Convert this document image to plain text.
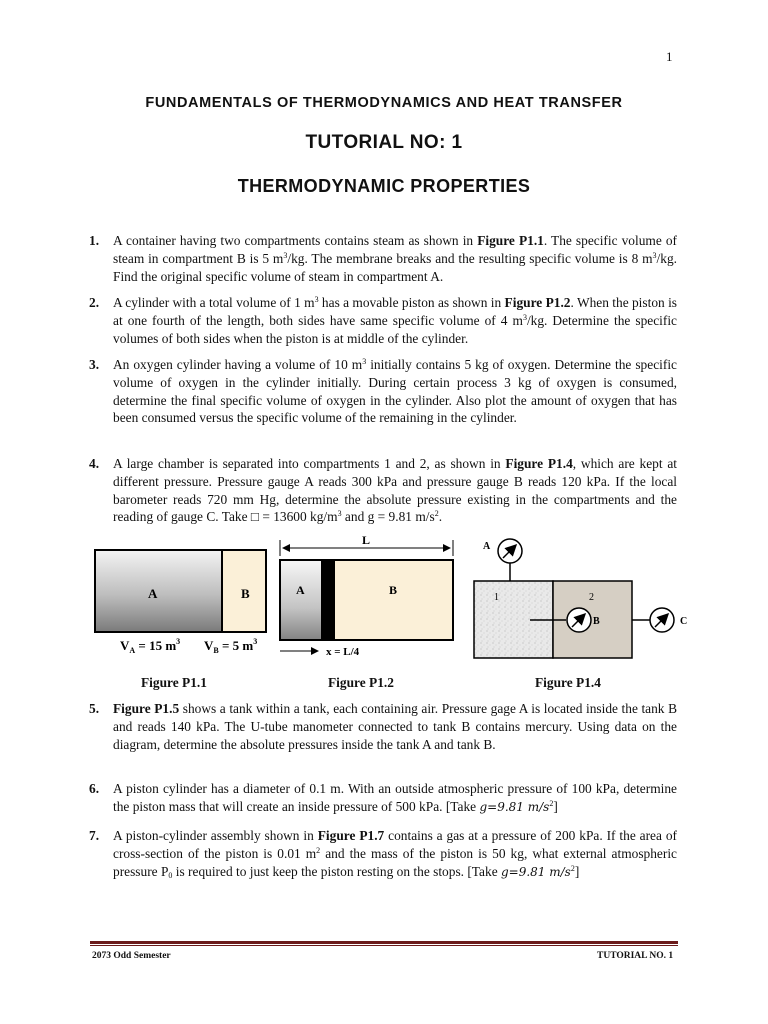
1
FUNDAMENTALS OF THERMODYNAMICS AND HEAT TRANSFER
TUTORIAL NO: 1
THERMODYNAMIC PROPERTIES
1. A container having two compartments contains steam as shown in Figure P1.1. The specific volume of steam in compartment B is 5 $m^3/kg$. The membrane breaks and the resulting specific volume is 8 $m^3/kg$. Find the original specific volume of steam in compartment A.
2. A cylinder with a total volume of 1 $m^3$ has a movable piston as shown in Figure P1.2. When the piston is at one fourth of the length, both sides have same specific volume of 4 $m^3/kg$. Determine the specific volumes of both sides when the piston is at middle of the cylinder.
3. An oxygen cylinder having a volume of 10 $m^3$ initially contains 5 kg of oxygen. Determine the specific volume of oxygen in the cylinder initially. During certain process 3 kg of oxygen is consumed, determine the final specific volume of oxygen in the cylinder. Also plot the amount of oxygen that has been consumed versus the specific volume of the remaining in the cylinder.
4. A large chamber is separated into compartments 1 and 2, as shown in Figure P1.4, which are kept at different pressure. Pressure gauge A reads 300 kPa and pressure gauge B reads 120 kPa. If the local barometer reads 720 mm Hg, determine the absolute pressure existing in the compartments and the reading of gauge C. Take □ = 13600 $kg/m^3$ and g = 9.81 $m/s^2$.
A	B
$V_A = 15$ $m^3$ $V_B = 5$ $m^3$
L
A	B
x = L/4
1	2
A
B	C
Figure P1.1	Figure P1.2	Figure P1.4
5. Figure P1.5 shows a tank within a tank, each containing air. Pressure gage A is located inside the tank B and reads 140 kPa. The U-tube manometer connected to tank B contains mercury. Using data on the diagram, determine the absolute pressures inside the tank A and tank B.
6. A piston cylinder has a diameter of 0.1 m. With an outside atmospheric pressure of 100 kPa, determine the piston mass that will create an inside pressure of 500 kPa. [Take g=9.81 $m/s^2$]
7. A piston-cylinder assembly shown in Figure P1.7 contains a gas at a pressure of 200 kPa. If the area of cross-section of the piston is 0.01 $m^2$ and the mass of the piston is 50 kg, what external atmospheric pressure $P_0$ is required to just keep the piston resting on the stops. [Take g=9.81 $m/s^2$]
2073 Odd Semester	TUTORIAL NO. 1
